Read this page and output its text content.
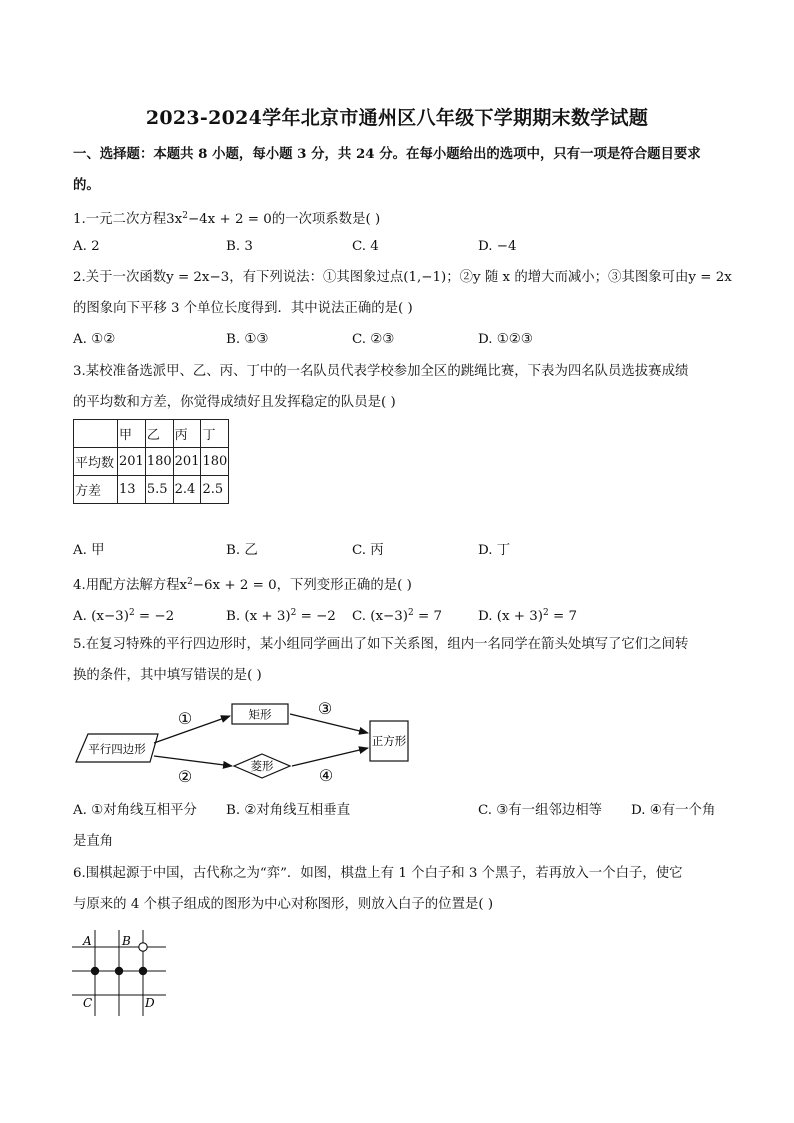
2023-2024学年北京市通州区八年级下学期期末数学试题
一、选择题：本题共 8 小题，每小题 3 分，共 24 分。在每小题给出的选项中，只有一项是符合题目要求
的。
1.一元二次方程$3x^2-4x + 2 = 0$的一次项系数是( )
A. 2	B. 3	C. 4	D. −4
2.关于一次函数y = 2x−3，有下列说法：①其图象过点(1,−1)；②y 随 x 的增大而减小；③其图象可由y = 2x
的图象向下平移 3 个单位长度得到．其中说法正确的是( )
A. ①②	B. ①③	C. ②③	D. ①②③
3.某校准备选派甲、乙、丙、丁中的一名队员代表学校参加全区的跳绳比赛，下表为四名队员选拔赛成绩
的平均数和方差，你觉得成绩好且发挥稳定的队员是( )
	甲	乙	丙	丁
平均数	201	180	201	180
方差	13	5.5	2.4	2.5
A. 甲	B. 乙	C. 丙	D. 丁
4.用配方法解方程$x^2-6x + 2 = 0$，下列变形正确的是( )
A. $(x-3)^2 = -2$	B. $(x + 3)^2 = -2$ C. $(x-3)^2 = 7$	D. $(x + 3)^2 = 7$
5.在复习特殊的平行四边形时，某小组同学画出了如下关系图，组内一名同学在箭头处填写了它们之间转
换的条件，其中填写错误的是( )
平行四边形
矩形
菱形
正方形
①
②
③
④
A. ①对角线互相平分 B. ②对角线互相垂直	C. ③有一组邻边相等 D. ④有一个角
是直角
6.围棋起源于中国，古代称之为“弈”．如图，棋盘上有 1 个白子和 3 个黑子，若再放入一个白子，使它
与原来的 4 个棋子组成的图形为中心对称图形，则放入白子的位置是( )
A	B
C	D
